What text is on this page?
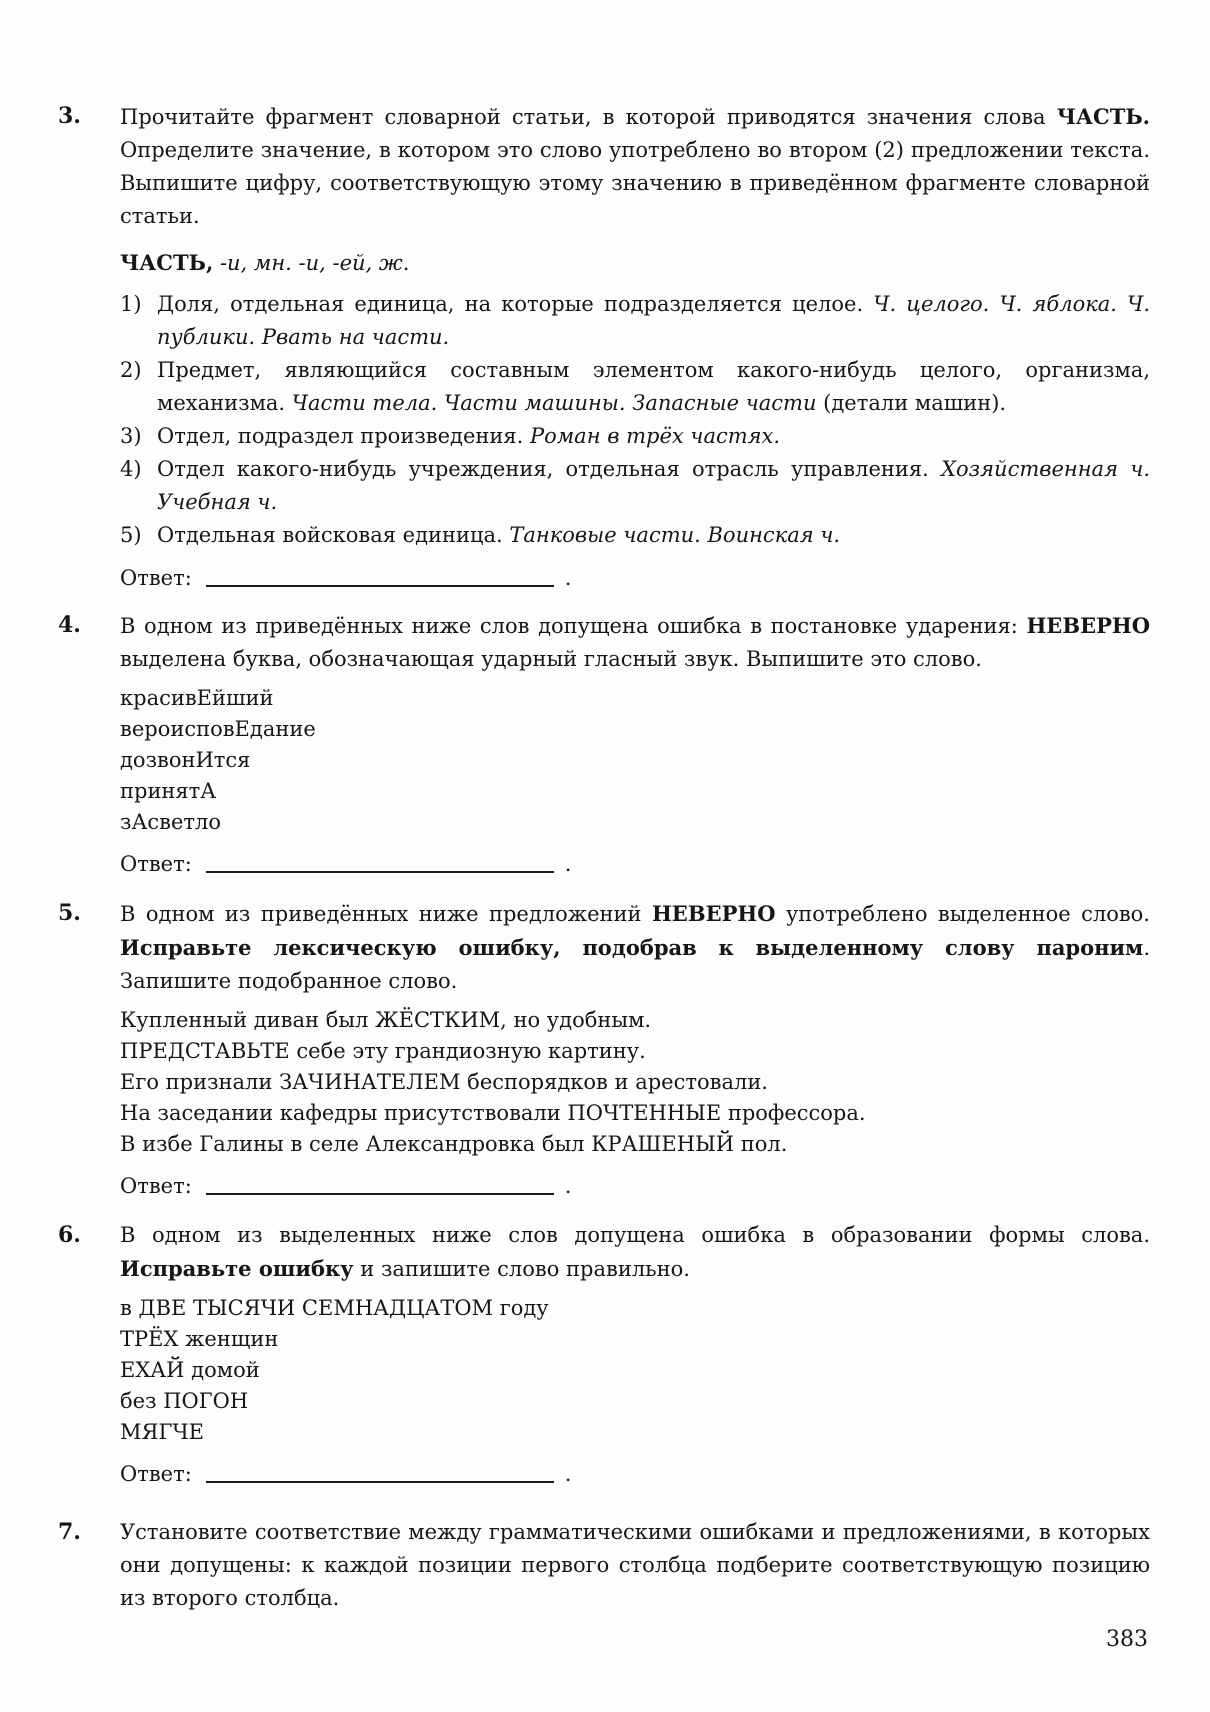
3.	Прочитайте фрагмент словарной статьи, в которой приводятся значения слова ЧАСТЬ. Определите значение, в котором это слово употреблено во втором (2) предложении текста. Выпишите цифру, соответствующую этому значению в приведённом фрагменте словарной статьи.

ЧАСТЬ, -и, мн. -и, -ей, ж.

1) Доля, отдельная единица, на которые подразделяется целое. Ч. целого. Ч. яблока. Ч. публики. Рвать на части.
2) Предмет, являющийся составным элементом какого-нибудь целого, организма, механизма. Части тела. Части машины. Запасные части (детали машин).
3) Отдел, подраздел произведения. Роман в трёх частях.
4) Отдел какого-нибудь учреждения, отдельная отрасль управления. Хозяйственная ч. Учебная ч.
5) Отдельная войсковая единица. Танковые части. Воинская ч.
Ответ:	.
4.	В одном из приведённых ниже слов допущена ошибка в постановке ударения: НЕВЕРНО выделена буква, обозначающая ударный гласный звук. Выпишите это слово.

красивЕйший
вероисповЕдание
дозвонИтся
принятА
зАсветло
Ответ:	.
5.	В одном из приведённых ниже предложений НЕВЕРНО употреблено выделенное слово. Исправьте лексическую ошибку, подобрав к выделенному слову пароним. Запишите подобранное слово.

Купленный диван был ЖЁСТКИМ, но удобным.
ПРЕДСТАВЬТЕ себе эту грандиозную картину.
Его признали ЗАЧИНАТЕЛЕМ беспорядков и арестовали.
На заседании кафедры присутствовали ПОЧТЕННЫЕ профессора.
В избе Галины в селе Александровка был КРАШЕНЫЙ пол.
Ответ:	.
6.	В одном из выделенных ниже слов допущена ошибка в образовании формы слова. Исправьте ошибку и запишите слово правильно.

в ДВЕ ТЫСЯЧИ СЕМНАДЦАТОМ году
ТРЁХ женщин
ЕХАЙ домой
без ПОГОН
МЯГЧЕ
Ответ:	.
7.	Установите соответствие между грамматическими ошибками и предложениями, в которых они допущены: к каждой позиции первого столбца подберите соответствующую позицию из второго столбца.

383
